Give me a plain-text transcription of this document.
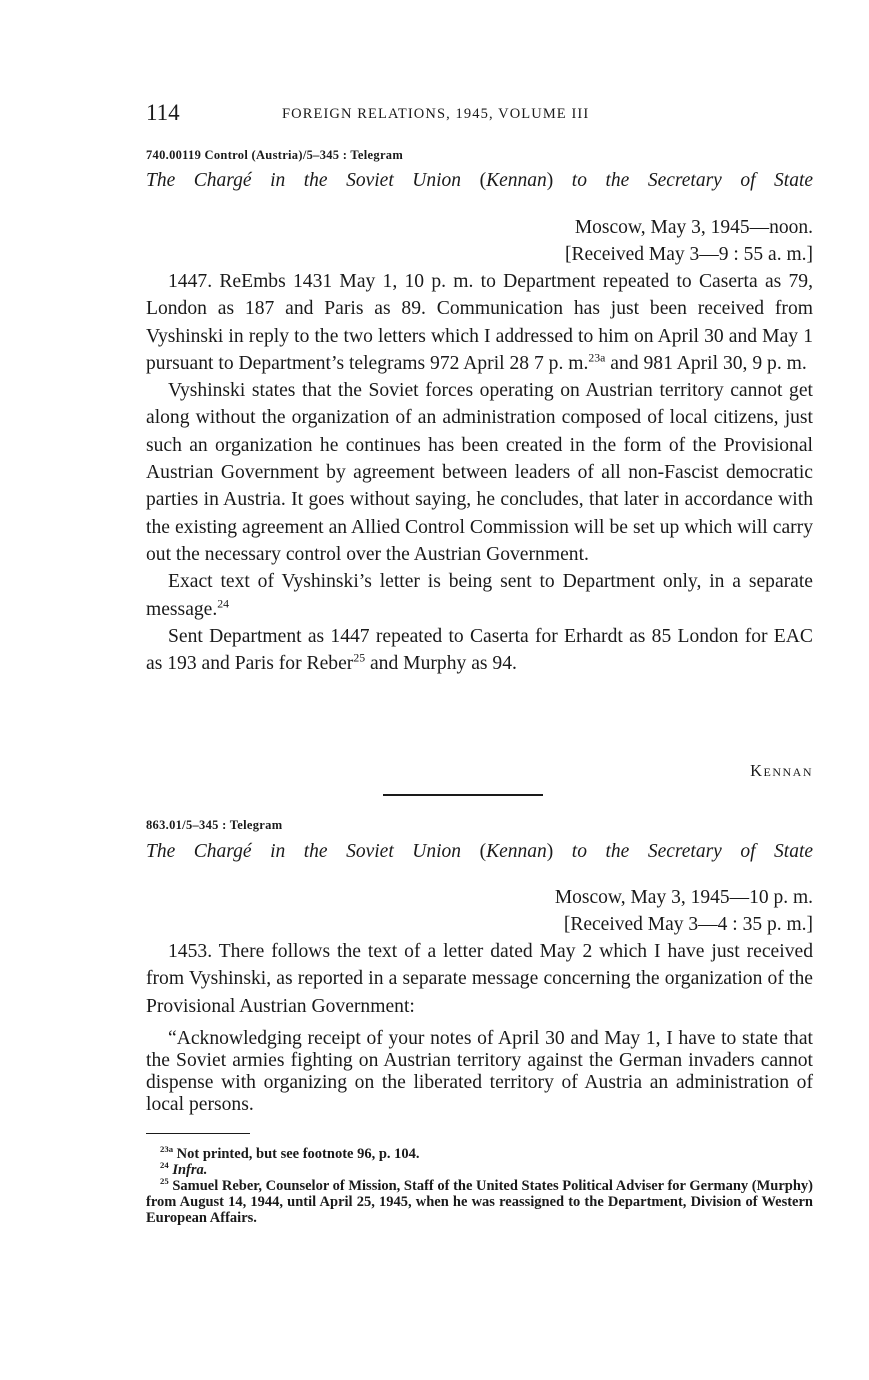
114	FOREIGN RELATIONS, 1945, VOLUME III
740.00119 Control (Austria)/5–345 : Telegram
The Chargé in the Soviet Union (Kennan) to the Secretary of State
Moscow, May 3, 1945—noon.
[Received May 3—9 : 55 a. m.]

1447. ReEmbs 1431 May 1, 10 p. m. to Department repeated to Caserta as 79, London as 187 and Paris as 89. Communication has just been received from Vyshinski in reply to the two letters which I addressed to him on April 30 and May 1 pursuant to Department’s telegrams 972 April 28 7 p. m.$^{23a}$ and 981 April 30, 9 p. m.

Vyshinski states that the Soviet forces operating on Austrian territory cannot get along without the organization of an administration composed of local citizens, just such an organization he continues has been created in the form of the Provisional Austrian Government by agreement between leaders of all non-Fascist democratic parties in Austria. It goes without saying, he concludes, that later in accordance with the existing agreement an Allied Control Commission will be set up which will carry out the necessary control over the Austrian Government.

Exact text of Vyshinski’s letter is being sent to Department only, in a separate message.$^{24}$

Sent Department as 1447 repeated to Caserta for Erhardt as 85 London for EAC as 193 and Paris for Reber$^{25}$ and Murphy as 94.

Kennan
863.01/5–345 : Telegram
The Chargé in the Soviet Union (Kennan) to the Secretary of State
Moscow, May 3, 1945—10 p. m.
[Received May 3—4 : 35 p. m.]

1453. There follows the text of a letter dated May 2 which I have just received from Vyshinski, as reported in a separate message concerning the organization of the Provisional Austrian Government:

“Acknowledging receipt of your notes of April 30 and May 1, I have to state that the Soviet armies fighting on Austrian territory against the German invaders cannot dispense with organizing on the liberated territory of Austria an administration of local persons.

$^{23a}$ Not printed, but see footnote 96, p. 104.

$^{24}$ Infra.

$^{25}$ Samuel Reber, Counselor of Mission, Staff of the United States Political Adviser for Germany (Murphy) from August 14, 1944, until April 25, 1945, when he was reassigned to the Department, Division of Western European Affairs.
